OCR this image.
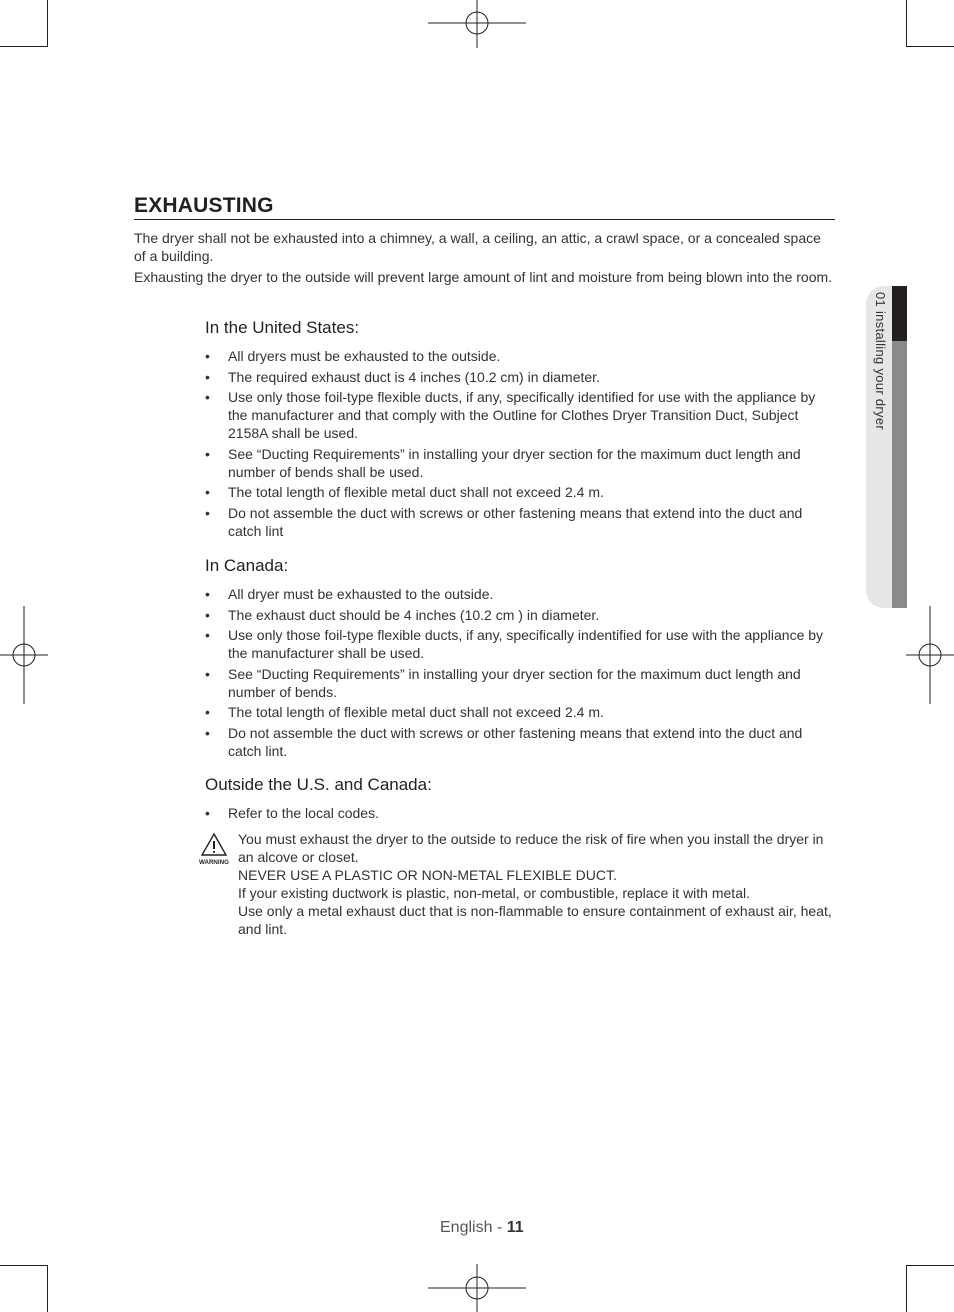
01 installing your dryer
EXHAUSTING

The dryer shall not be exhausted into a chimney, a wall, a ceiling, an attic, a crawl space, or a concealed space of a building.

Exhausting the dryer to the outside will prevent large amount of lint and moisture from being blown into the room.

In the United States:
• All dryers must be exhausted to the outside.
• The required exhaust duct is 4 inches (10.2 cm) in diameter.
• Use only those foil-type flexible ducts, if any, specifically identified for use with the appliance by the manufacturer and that comply with the Outline for Clothes Dryer Transition Duct, Subject 2158A shall be used.
• See “Ducting Requirements” in installing your dryer section for the maximum duct length and number of bends shall be used.
• The total length of flexible metal duct shall not exceed 2.4 m.
• Do not assemble the duct with screws or other fastening means that extend into the duct and catch lint
In Canada:
• All dryer must be exhausted to the outside.
• The exhaust duct should be 4 inches (10.2 cm ) in diameter.
• Use only those foil-type flexible ducts, if any, specifically indentified for use with the appliance by the manufacturer shall be used.
• See “Ducting Requirements” in installing your dryer section for the maximum duct length and number of bends.
• The total length of flexible metal duct shall not exceed 2.4 m.
• Do not assemble the duct with screws or other fastening means that extend into the duct and catch lint.
Outside the U.S. and Canada:
• Refer to the local codes.
WARNING
You must exhaust the dryer to the outside to reduce the risk of fire when you install the dryer in an alcove or closet.
NEVER USE A PLASTIC OR NON-METAL FLEXIBLE DUCT.
If your existing ductwork is plastic, non-metal, or combustible, replace it with metal.
Use only a metal exhaust duct that is non-flammable to ensure containment of exhaust air, heat, and lint.
English - 11
